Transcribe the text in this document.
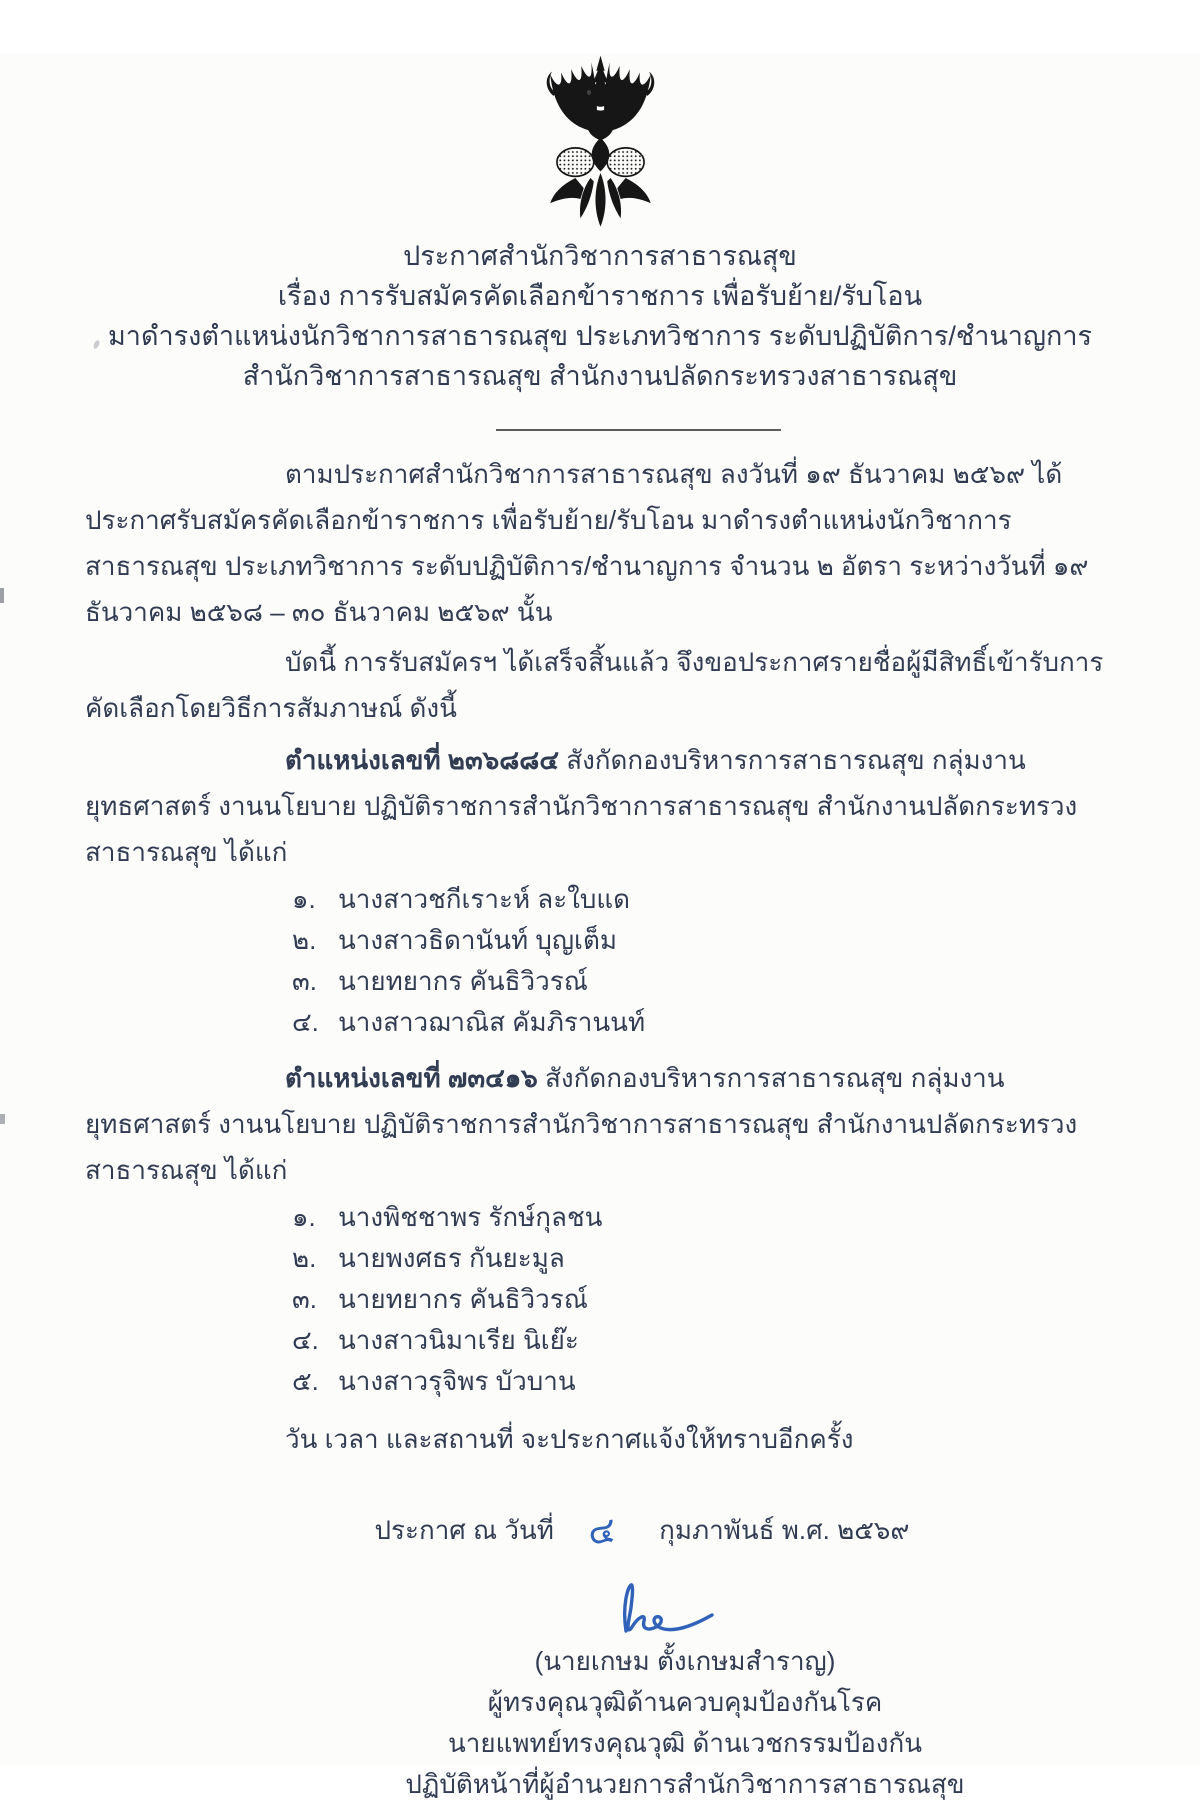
ประกาศสำนักวิชาการสาธารณสุข
เรื่อง การรับสมัครคัดเลือกข้าราชการ เพื่อรับย้าย/รับโอน
มาดำรงตำแหน่งนักวิชาการสาธารณสุข ประเภทวิชาการ ระดับปฏิบัติการ/ชำนาญการ
สำนักวิชาการสาธารณสุข สำนักงานปลัดกระทรวงสาธารณสุข

ตามประกาศสำนักวิชาการสาธารณสุข ลงวันที่ ๑๙ ธันวาคม ๒๕๖๙ ได้ประกาศรับสมัครคัดเลือกข้าราชการ เพื่อรับย้าย/รับโอน มาดำรงตำแหน่งนักวิชาการสาธารณสุข ประเภทวิชาการ ระดับปฏิบัติการ/ชำนาญการ จำนวน ๒ อัตรา ระหว่างวันที่ ๑๙ ธันวาคม ๒๕๖๘ – ๓๐ ธันวาคม ๒๕๖๙ นั้น

บัดนี้ การรับสมัครฯ ได้เสร็จสิ้นแล้ว จึงขอประกาศรายชื่อผู้มีสิทธิ์เข้ารับการคัดเลือกโดยวิธีการสัมภาษณ์ ดังนี้

ตำแหน่งเลขที่ ๒๓๖๘๘๔ สังกัดกองบริหารการสาธารณสุข กลุ่มงานยุทธศาสตร์ งานนโยบาย ปฏิบัติราชการสำนักวิชาการสาธารณสุข สำนักงานปลัดกระทรวงสาธารณสุข ได้แก่

๑. นางสาวชกีเราะห์ ละใบแด
๒. นางสาวธิดานันท์ บุญเต็ม
๓. นายทยากร คันธิวิวรณ์
๔. นางสาวฌาณิส คัมภิรานนท์

ตำแหน่งเลขที่ ๗๓๔๑๖ สังกัดกองบริหารการสาธารณสุข กลุ่มงานยุทธศาสตร์ งานนโยบาย ปฏิบัติราชการสำนักวิชาการสาธารณสุข สำนักงานปลัดกระทรวงสาธารณสุข ได้แก่

๑. นางพิชชาพร รักษ์กุลชน
๒. นายพงศธร กันยะมูล
๓. นายทยากร คันธิวิวรณ์
๔. นางสาวนิมาเรีย นิเย๊ะ
๕. นางสาวรุจิพร บัวบาน

วัน เวลา และสถานที่ จะประกาศแจ้งให้ทราบอีกครั้ง

ประกาศ ณ วันที่ ๔ กุมภาพันธ์ พ.ศ. ๒๕๖๙
(นายเกษม ตั้งเกษมสำราญ)
ผู้ทรงคุณวุฒิด้านควบคุมป้องกันโรค
นายแพทย์ทรงคุณวุฒิ ด้านเวชกรรมป้องกัน
ปฏิบัติหน้าที่ผู้อำนวยการสำนักวิชาการสาธารณสุข
